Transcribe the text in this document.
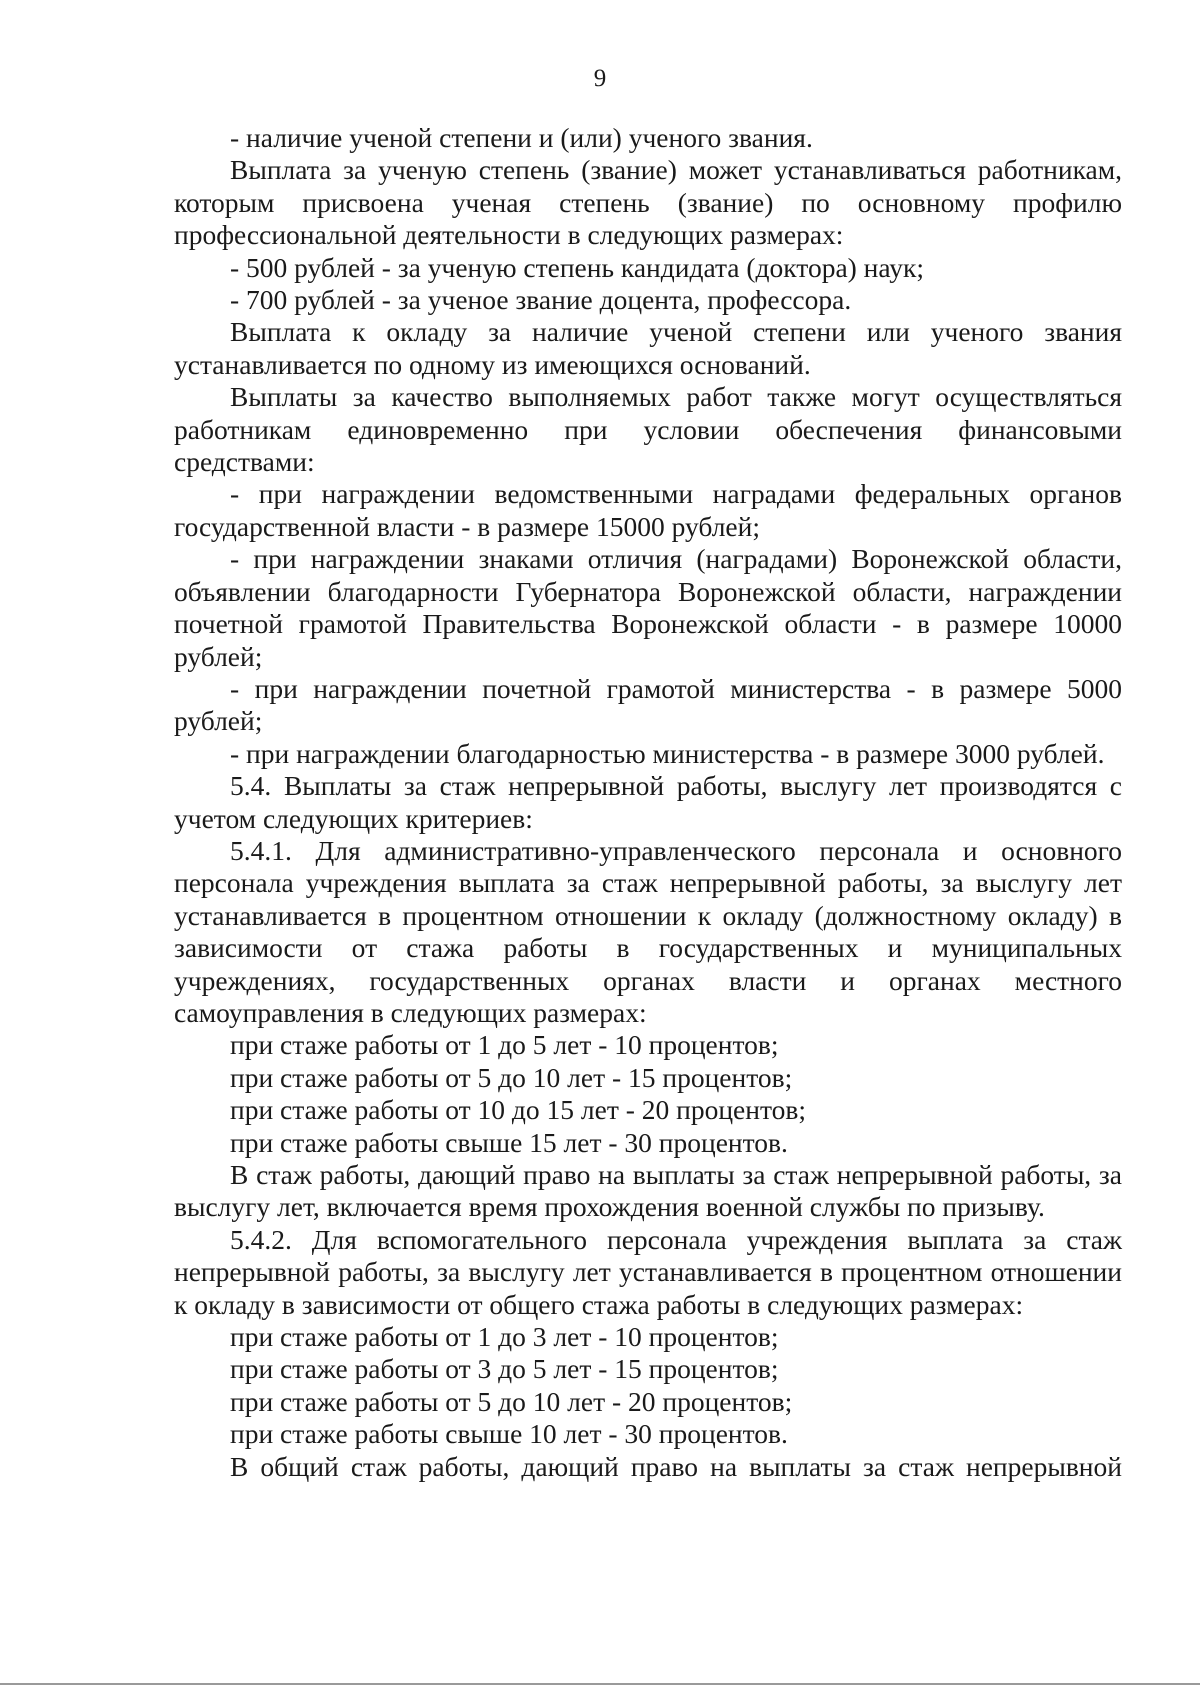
9

- наличие ученой степени и (или) ученого звания.

Выплата за ученую степень (звание) может устанавливаться работникам, которым присвоена ученая степень (звание) по основному профилю профессиональной деятельности в следующих размерах:

- 500 рублей - за ученую степень кандидата (доктора) наук;

- 700 рублей - за ученое звание доцента, профессора.

Выплата к окладу за наличие ученой степени или ученого звания устанавливается по одному из имеющихся оснований.

Выплаты за качество выполняемых работ также могут осуществляться работникам единовременно при условии обеспечения финансовыми средствами:

- при награждении ведомственными наградами федеральных органов государственной власти - в размере 15000 рублей;

- при награждении знаками отличия (наградами) Воронежской области, объявлении благодарности Губернатора Воронежской области, награждении почетной грамотой Правительства Воронежской области - в размере 10000 рублей;

- при награждении почетной грамотой министерства - в размере 5000 рублей;

- при награждении благодарностью министерства - в размере 3000 рублей.

5.4. Выплаты за стаж непрерывной работы, выслугу лет производятся с учетом следующих критериев:

5.4.1. Для административно-управленческого персонала и основного персонала учреждения выплата за стаж непрерывной работы, за выслугу лет устанавливается в процентном отношении к окладу (должностному окладу) в зависимости от стажа работы в государственных и муниципальных учреждениях, государственных органах власти и органах местного самоуправления в следующих размерах:

при стаже работы от 1 до 5 лет - 10 процентов;

при стаже работы от 5 до 10 лет - 15 процентов;

при стаже работы от 10 до 15 лет - 20 процентов;

при стаже работы свыше 15 лет - 30 процентов.

В стаж работы, дающий право на выплаты за стаж непрерывной работы, за выслугу лет, включается время прохождения военной службы по призыву.

5.4.2. Для вспомогательного персонала учреждения выплата за стаж непрерывной работы, за выслугу лет устанавливается в процентном отношении к окладу в зависимости от общего стажа работы в следующих размерах:

при стаже работы от 1 до 3 лет - 10 процентов;

при стаже работы от 3 до 5 лет - 15 процентов;

при стаже работы от 5 до 10 лет - 20 процентов;

при стаже работы свыше 10 лет - 30 процентов.

В общий стаж работы, дающий право на выплаты за стаж непрерывной
